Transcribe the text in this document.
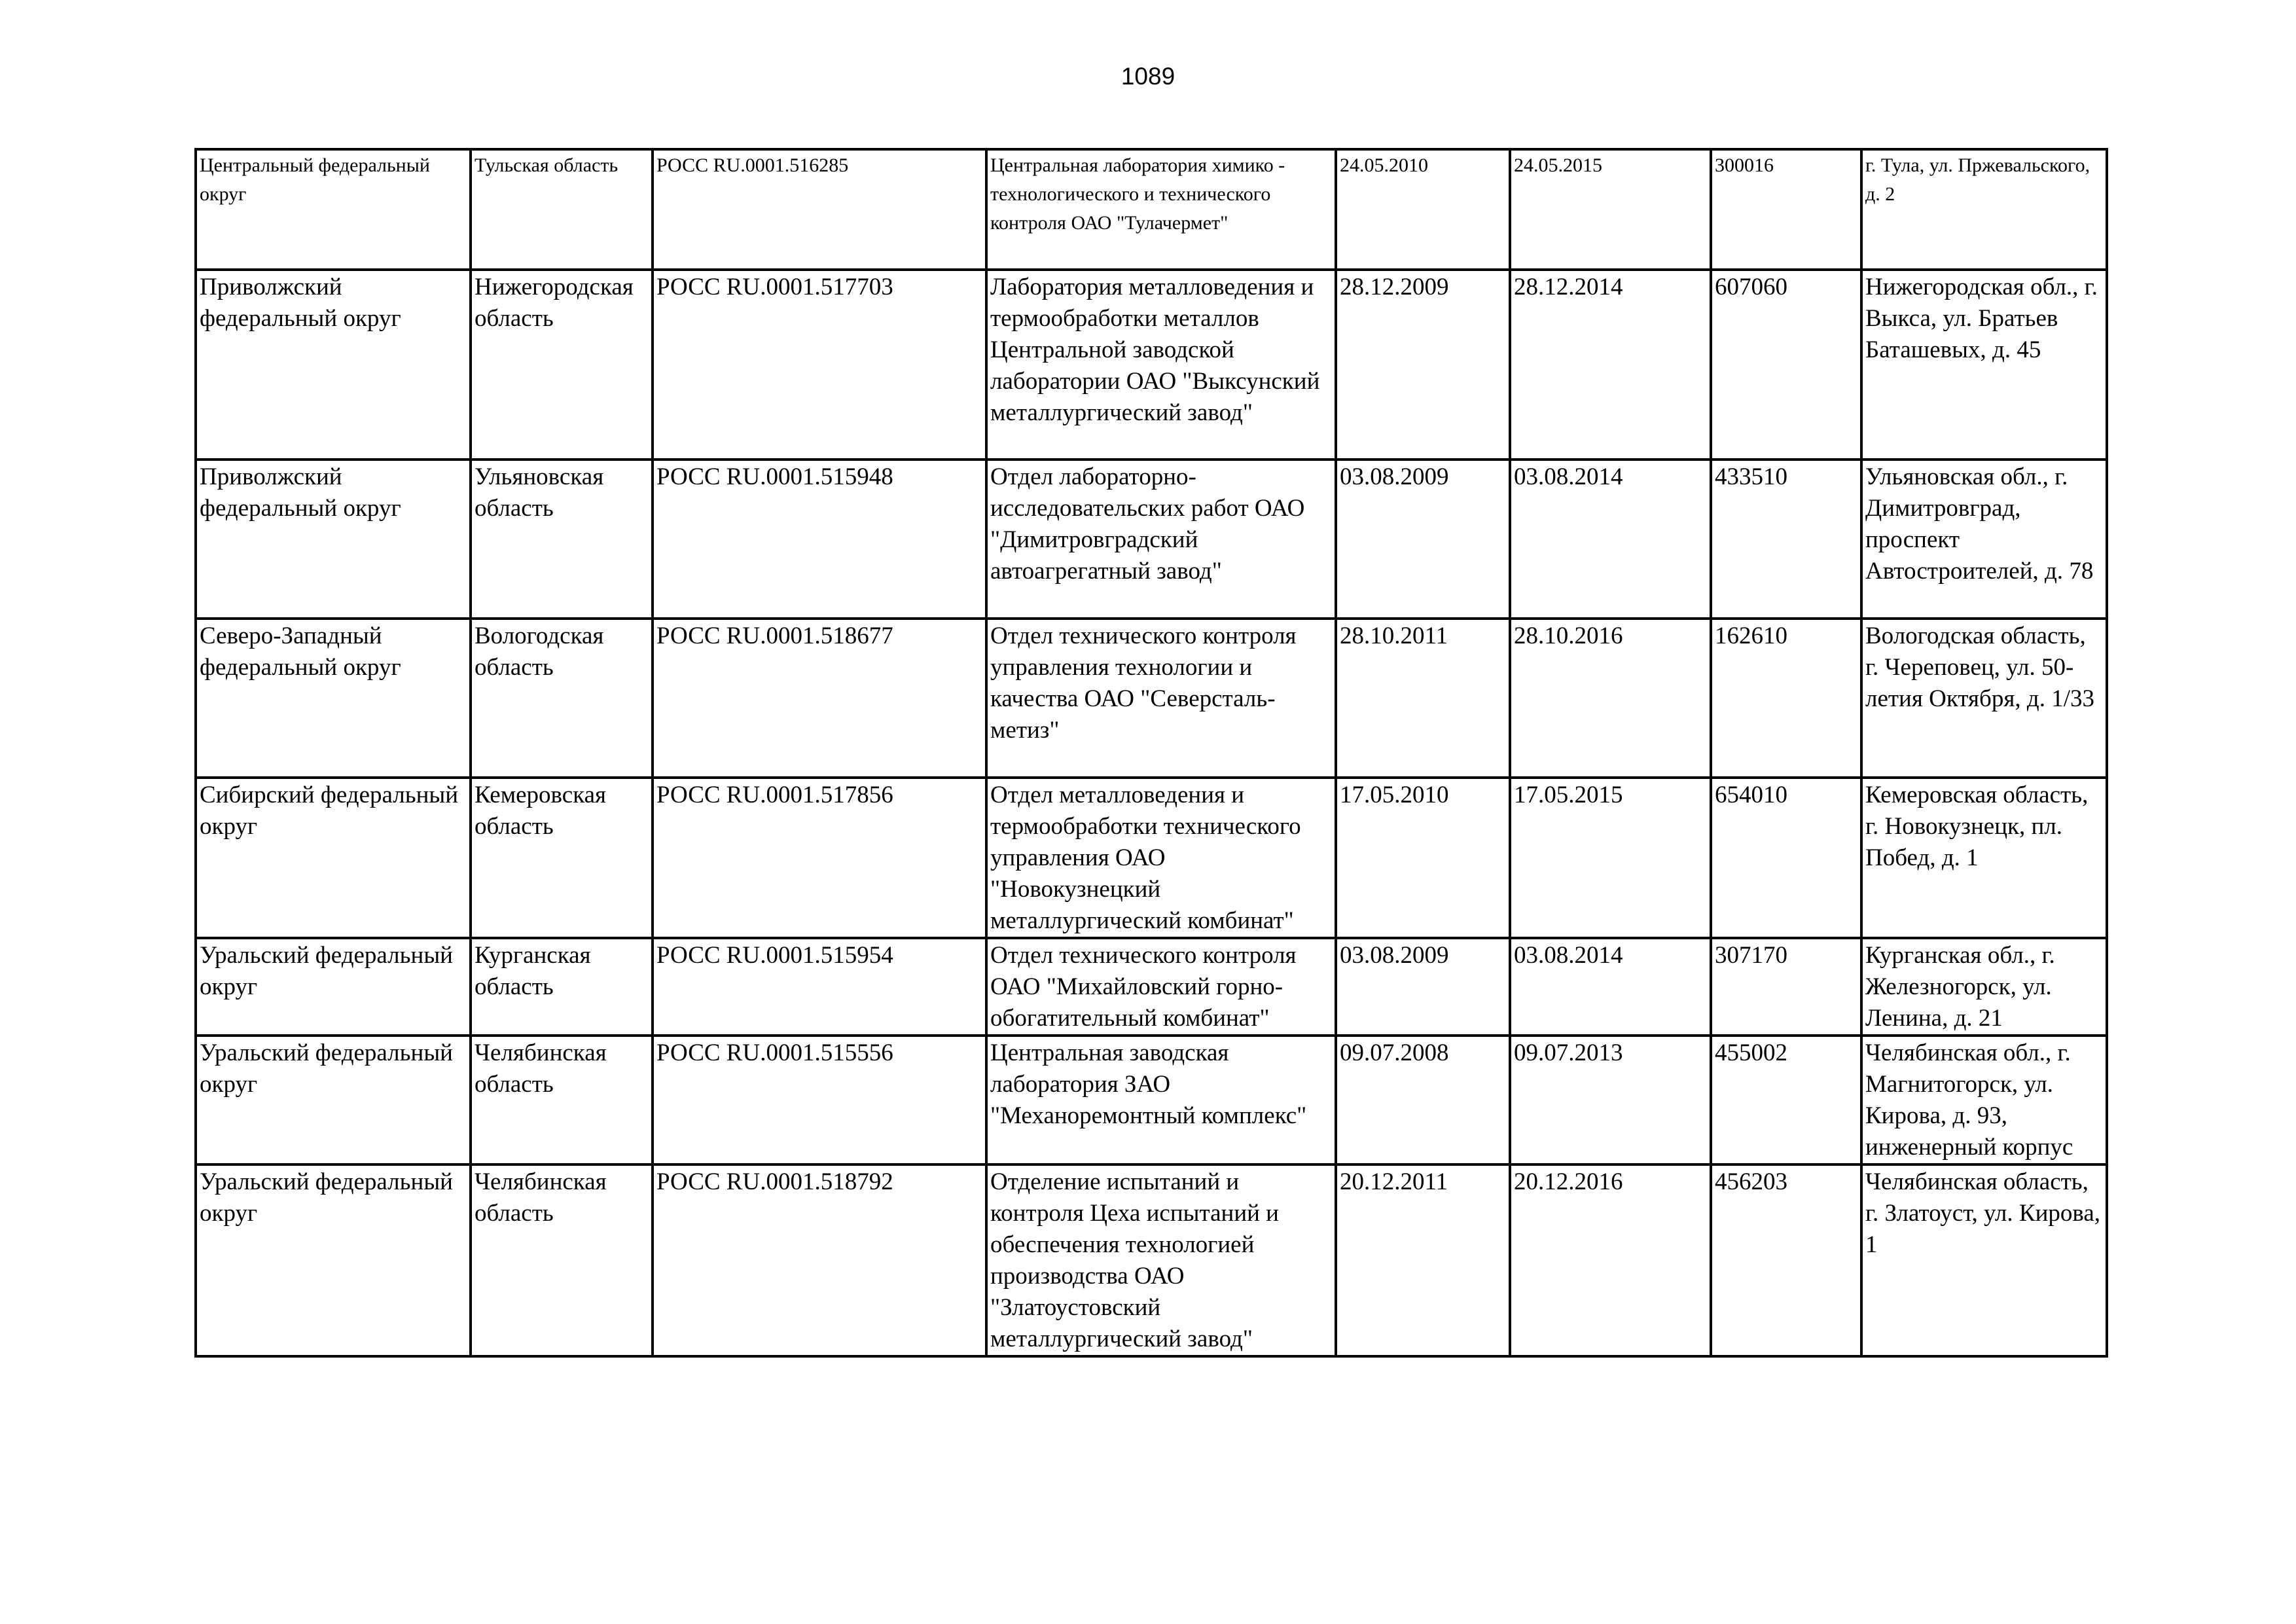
1089
Центральный федеральный округ	Тульская область	РОСС RU.0001.516285	Центральная лаборатория химико - технологического и технического контроля ОАО "Тулачермет"	24.05.2010	24.05.2015	300016	г. Тула, ул. Пржевальского, д. 2
Приволжский федеральный округ	Нижегородская область	РОСС RU.0001.517703	Лаборатория металловедения и термообработки металлов Центральной заводской лаборатории ОАО "Выксунский металлургический завод"	28.12.2009	28.12.2014	607060	Нижегородская обл., г. Выкса, ул. Братьев Баташевых, д. 45
Приволжский федеральный округ	Ульяновская область	РОСС RU.0001.515948	Отдел лабораторно-исследовательских работ ОАО "Димитровградский автоагрегатный завод"	03.08.2009	03.08.2014	433510	Ульяновская обл., г. Димитровград, проспект Автостроителей, д. 78
Северо-Западный федеральный округ	Вологодская область	РОСС RU.0001.518677	Отдел технического контроля управления технологии и качества ОАО "Северсталь-метиз"	28.10.2011	28.10.2016	162610	Вологодская область, г. Череповец, ул. 50-летия Октября, д. 1/33
Сибирский федеральный округ	Кемеровская область	РОСС RU.0001.517856	Отдел металловедения и термообработки технического управления ОАО "Новокузнецкий металлургический комбинат"	17.05.2010	17.05.2015	654010	Кемеровская область, г. Новокузнецк, пл. Побед, д. 1
Уральский федеральный округ	Курганская область	РОСС RU.0001.515954	Отдел технического контроля ОАО "Михайловский горно-обогатительный комбинат"	03.08.2009	03.08.2014	307170	Курганская обл., г. Железногорск, ул. Ленина, д. 21
Уральский федеральный округ	Челябинская область	РОСС RU.0001.515556	Центральная заводская лаборатория ЗАО "Механоремонтный комплекс"	09.07.2008	09.07.2013	455002	Челябинская обл., г. Магнитогорск, ул. Кирова, д. 93, инженерный корпус
Уральский федеральный округ	Челябинская область	РОСС RU.0001.518792	Отделение испытаний и контроля Цеха испытаний и обеспечения технологией производства ОАО "Златоустовский металлургический завод"	20.12.2011	20.12.2016	456203	Челябинская область, г. Златоуст, ул. Кирова, 1
